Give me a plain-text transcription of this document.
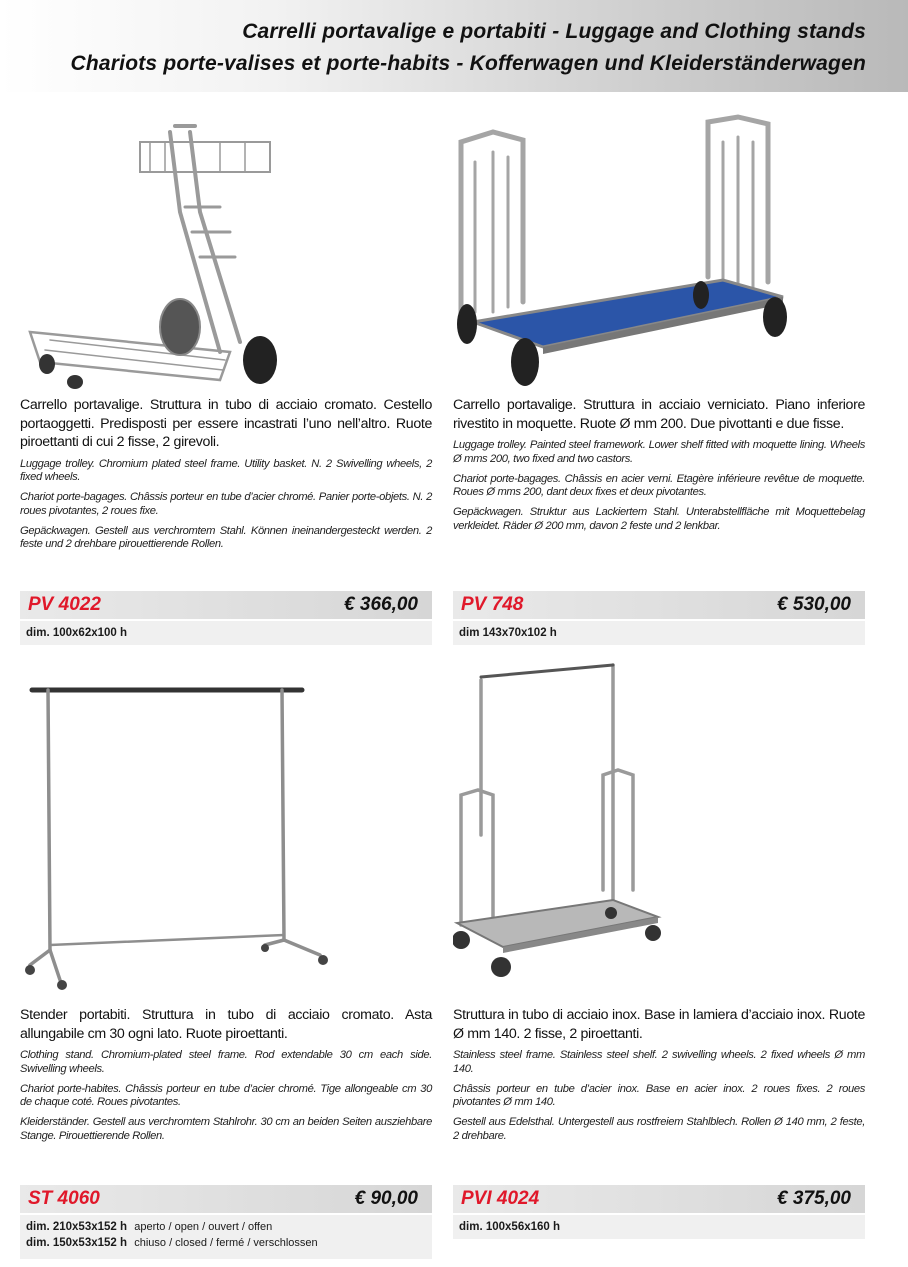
Carrelli portavalige e portabiti - Luggage and Clothing stands
Chariots porte-valises et porte-habits - Kofferwagen und Kleiderständerwagen

Carrello portavalige. Struttura in tubo di acciaio cromato. Cestello portaoggetti. Predisposti per essere incastrati l’uno nell’altro. Ruote piroettanti di cui 2 fisse, 2 girevoli.

Luggage trolley. Chromium plated steel frame. Utility basket. N. 2 Swivelling wheels, 2 fixed wheels.

Chariot porte-bagages. Châssis porteur en tube d’acier chromé. Panier porte-objets. N. 2 roues pivotantes, 2 roues fixe.

Gepäckwagen. Gestell aus verchromtem Stahl. Können ineinandergesteckt werden. 2 feste und 2 drehbare pirouettierende Rollen.

PV 4022	€ 366,00
dim. 100x62x100 h

Carrello portavalige. Struttura in acciaio verniciato. Piano inferiore rivestito in moquette. Ruote Ø mm 200. Due pivottanti e due fisse.

Luggage trolley. Painted steel framework. Lower shelf fitted with moquette lining. Wheels Ø mms 200, two fixed and two castors.

Chariot porte-bagages. Châssis en acier verni. Etagère inférieure revêtue de moquette. Roues Ø mms 200, dant deux fixes et deux pivotantes.

Gepäckwagen. Struktur aus Lackiertem Stahl. Unterabstellfläche mit Moquettebelag verkleidet. Räder Ø 200 mm, davon 2 feste und 2 lenkbar.

PV 748	€ 530,00
dim 143x70x102 h

Stender portabiti. Struttura in tubo di acciaio cromato. Asta allungabile cm 30 ogni lato. Ruote piroettanti.

Clothing stand. Chromium-plated steel frame. Rod extendable 30 cm each side. Swivelling wheels.

Chariot porte-habites. Châssis porteur en tube d’acier chromé. Tige allongeable cm 30 de chaque coté. Roues pivotantes.

Kleiderständer. Gestell aus verchromtem Stahlrohr. 30 cm an beiden Seiten ausziehbare Stange. Pirouettierende Rollen.

ST 4060	€ 90,00
dim. 210x53x152 h aperto / open / ouvert / offen
dim. 150x53x152 h chiuso / closed / fermé / verschlossen

Struttura in tubo di acciaio inox. Base in lamiera d’acciaio inox. Ruote Ø mm 140. 2 fisse, 2 piroettanti.

Stainless steel frame. Stainless steel shelf. 2 swivelling wheels. 2 fixed wheels Ø mm 140.

Châssis porteur en tube d’acier inox. Base en acier inox. 2 roues fixes. 2 roues pivotantes Ø mm 140.

Gestell aus Edelsthal. Untergestell aus rostfreiem Stahlblech. Rollen Ø 140 mm, 2 feste, 2 drehbare.

PVI 4024	€ 375,00
dim. 100x56x160 h
